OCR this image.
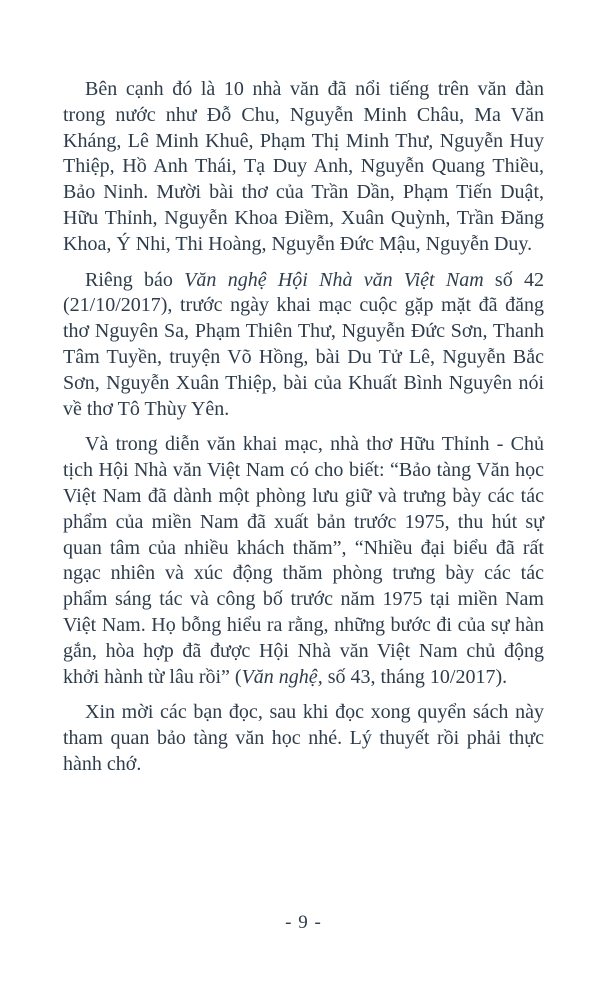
Bên cạnh đó là 10 nhà văn đã nổi tiếng trên văn đàn trong nước như Đỗ Chu, Nguyễn Minh Châu, Ma Văn Kháng, Lê Minh Khuê, Phạm Thị Minh Thư, Nguyễn Huy Thiệp, Hồ Anh Thái, Tạ Duy Anh, Nguyễn Quang Thiều, Bảo Ninh. Mười bài thơ của Trần Dần, Phạm Tiến Duật, Hữu Thỉnh, Nguyễn Khoa Điềm, Xuân Quỳnh, Trần Đăng Khoa, Ý Nhi, Thi Hoàng, Nguyễn Đức Mậu, Nguyễn Duy.

Riêng báo Văn nghệ Hội Nhà văn Việt Nam số 42 (21/10/2017), trước ngày khai mạc cuộc gặp mặt đã đăng thơ Nguyên Sa, Phạm Thiên Thư, Nguyễn Đức Sơn, Thanh Tâm Tuyền, truyện Võ Hồng, bài Du Tử Lê, Nguyễn Bắc Sơn, Nguyễn Xuân Thiệp, bài của Khuất Bình Nguyên nói về thơ Tô Thùy Yên.

Và trong diễn văn khai mạc, nhà thơ Hữu Thỉnh - Chủ tịch Hội Nhà văn Việt Nam có cho biết: “Bảo tàng Văn học Việt Nam đã dành một phòng lưu giữ và trưng bày các tác phẩm của miền Nam đã xuất bản trước 1975, thu hút sự quan tâm của nhiều khách thăm”, “Nhiều đại biểu đã rất ngạc nhiên và xúc động thăm phòng trưng bày các tác phẩm sáng tác và công bố trước năm 1975 tại miền Nam Việt Nam. Họ bỗng hiểu ra rằng, những bước đi của sự hàn gắn, hòa hợp đã được Hội Nhà văn Việt Nam chủ động khởi hành từ lâu rồi” (Văn nghệ, số 43, tháng 10/2017).

Xin mời các bạn đọc, sau khi đọc xong quyển sách này tham quan bảo tàng văn học nhé. Lý thuyết rồi phải thực hành chớ.

- 9 -
